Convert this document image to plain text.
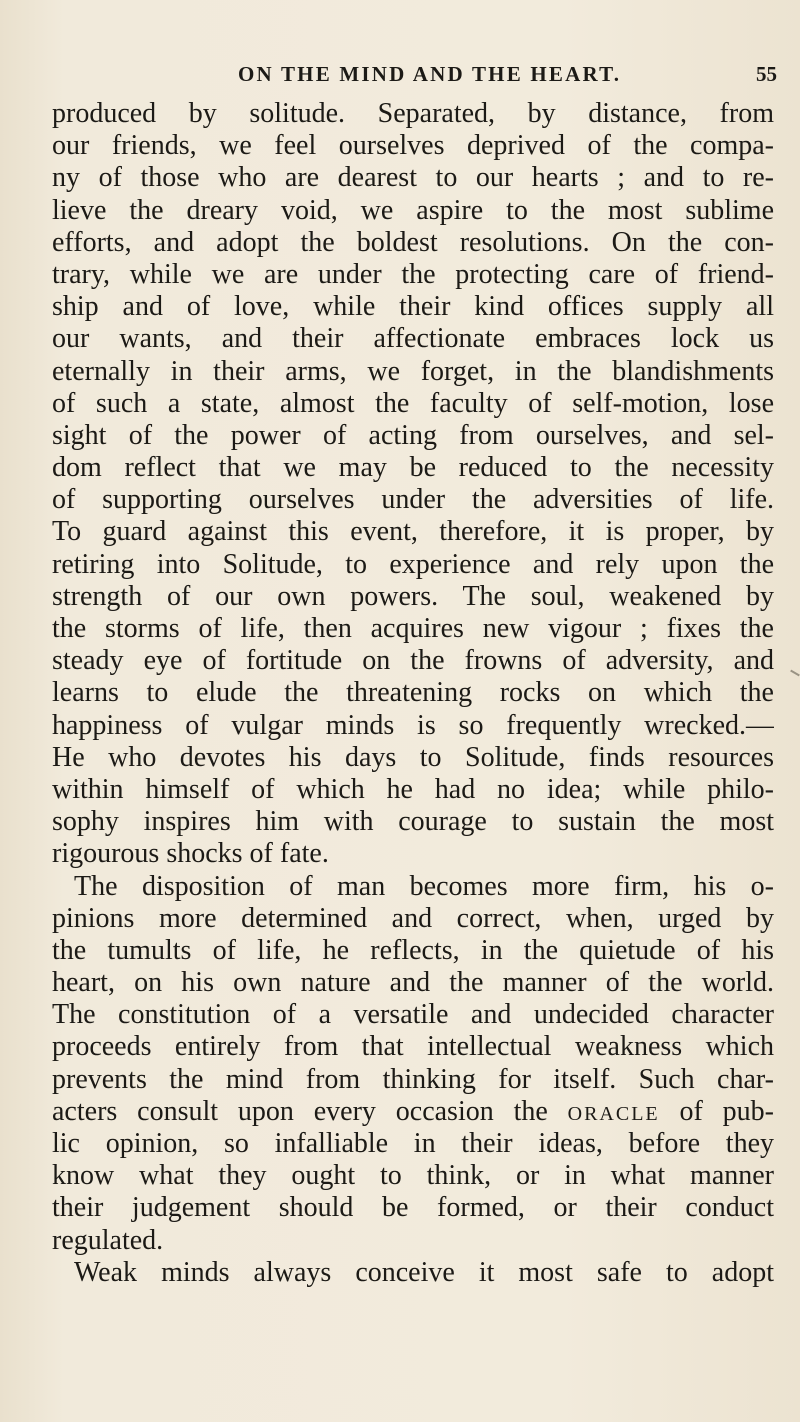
ON THE MIND AND THE HEART.	55
produced by solitude. Separated, by distance, from
our friends, we feel ourselves deprived of the compa-
ny of those who are dearest to our hearts ; and to re-
lieve the dreary void, we aspire to the most sublime
efforts, and adopt the boldest resolutions. On the con-
trary, while we are under the protecting care of friend-
ship and of love, while their kind offices supply all
our wants, and their affectionate embraces lock us
eternally in their arms, we forget, in the blandishments
of such a state, almost the faculty of self-motion, lose
sight of the power of acting from ourselves, and sel-
dom reflect that we may be reduced to the necessity
of supporting ourselves under the adversities of life.
To guard against this event, therefore, it is proper, by
retiring into Solitude, to experience and rely upon the
strength of our own powers. The soul, weakened by
the storms of life, then acquires new vigour ; fixes the
steady eye of fortitude on the frowns of adversity, and
learns to elude the threatening rocks on which the
happiness of vulgar minds is so frequently wrecked.—
He who devotes his days to Solitude, finds resources
within himself of which he had no idea; while philo-
sophy inspires him with courage to sustain the most
rigourous shocks of fate.
The disposition of man becomes more firm, his o-
pinions more determined and correct, when, urged by
the tumults of life, he reflects, in the quietude of his
heart, on his own nature and the manner of the world.
The constitution of a versatile and undecided character
proceeds entirely from that intellectual weakness which
prevents the mind from thinking for itself. Such char-
acters consult upon every occasion the ORACLE of pub-
lic opinion, so infalliable in their ideas, before they
know what they ought to think, or in what manner
their judgement should be formed, or their conduct
regulated.
Weak minds always conceive it most safe to adopt
